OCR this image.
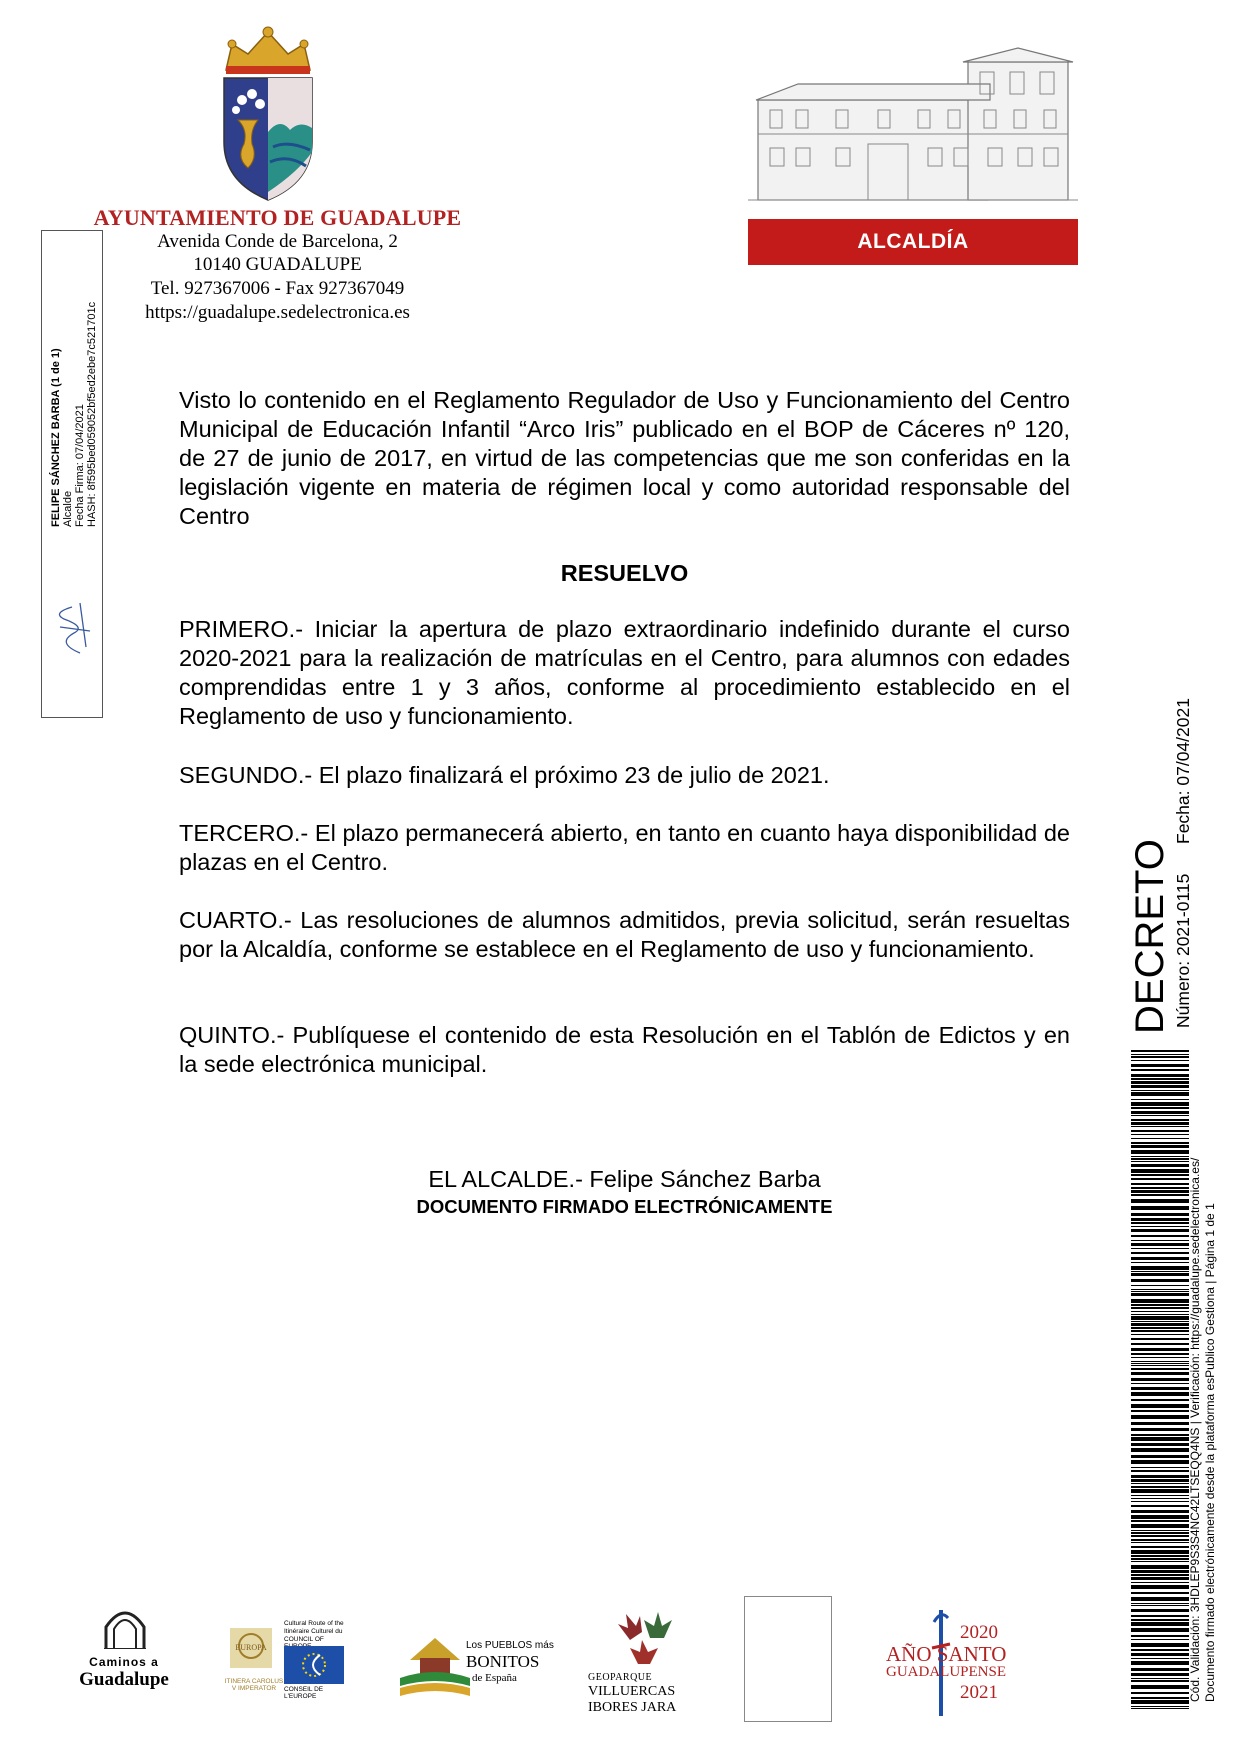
AYUNTAMIENTO DE GUADALUPE
Avenida Conde de Barcelona, 2
10140 GUADALUPE
Tel. 927367006 - Fax 927367049
https://guadalupe.sedelectronica.es
ALCALDÍA
FELIPE SÁNCHEZ BARBA (1 de 1) Alcalde Fecha Firma: 07/04/2021 HASH: 8f595bed059052bf5ed2ebe7c521701c
DECRETO Número: 2021-0115
Fecha: 07/04/2021
Cód. Validación: 3HDLEP9S3S4NC42LTSEQQ4NS | Verificación: https://guadalupe.sedelectronica.es/ Documento firmado electrónicamente desde la plataforma esPublico Gestiona | Página 1 de 1
Visto lo contenido en el Reglamento Regulador de Uso y Funcionamiento del Centro Municipal de Educación Infantil “Arco Iris” publicado en el BOP de Cáceres nº 120, de 27 de junio de 2017, en virtud de las competencias que me son conferidas en la legislación vigente en materia de régimen local y como autoridad responsable del Centro
RESUELVO
PRIMERO.- Iniciar la apertura de plazo extraordinario indefinido durante el curso 2020-2021 para la realización de matrículas en el Centro, para alumnos con edades comprendidas entre 1 y 3 años, conforme al procedimiento establecido en el Reglamento de uso y funcionamiento.
SEGUNDO.- El plazo finalizará el próximo 23 de julio de 2021.
TERCERO.- El plazo permanecerá abierto, en tanto en cuanto haya disponibilidad de plazas en el Centro.
CUARTO.- Las resoluciones de alumnos admitidos, previa solicitud, serán resueltas por la Alcaldía, conforme se establece en el Reglamento de uso y funcionamiento.
QUINTO.- Publíquese el contenido de esta Resolución en el Tablón de Edictos y en la sede electrónica municipal.
EL ALCALDE.- Felipe Sánchez Barba
DOCUMENTO FIRMADO ELECTRÓNICAMENTE
Caminos a
Guadalupe
EUROPA
ITINERA CAROLUS V IMPERATOR
Cultural Route of the Itinéraire Culturel du
COUNCIL OF
CONSEIL DE L'EUROPE
Los PUEBLOS más
BONITOS
de España	GEOPARQUE
VILLUERCAS
IBORES JARA
2020
AÑO SANTO
GUADALUPENSE
2021
